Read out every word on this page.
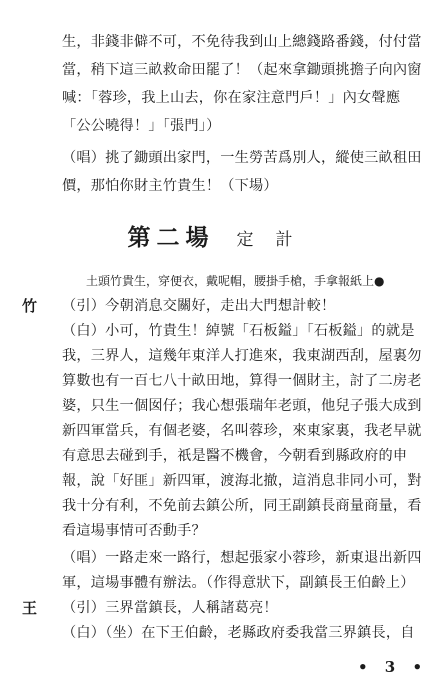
生，非錢非僻不可，不免待我到山上總錢路番錢，付付當
當，稍下這三畝救命田罷了！（起來拿鋤頭挑擔子向內窗
喊：「蓉珍，我上山去，你在家注意門戶！」內女聲應
「公公曉得！」「張門」）
（唱）挑了鋤頭出家門，一生勞苦爲別人，縱使三畝租田
價，那怕你財主竹貴生！（下場）
第二場 定計
土頭竹貴生，穿便衣，戴呢帽，腰掛手槍，手拿報紙上●
竹 （引）今朝消息交關好，走出大門想計較！
（白）小可，竹貴生！綽號「石板鎰」「石板鎰」的就是
我，三界人，這幾年東洋人打進來，我東湖西刮，屋裏勿
算數也有一百七八十畝田地，算得一個財主，討了二房老
婆，只生一個囡仔；我心想張瑞年老頭，他兒子張大成到
新四軍當兵，有個老婆，名叫蓉珍，來東家裏，我老早就
有意思去碰到手，祇是醫不機會，今朝看到縣政府的申
報，說「好匪」新四軍，渡海北撤，這消息非同小可，對
我十分有利，不免前去鎮公所，同王副鎮長商量商量，看
看這場事情可否動手？
（唱）一路走來一路行，想起張家小蓉珍，新東退出新四
軍，這場事體有辦法。（作得意狀下，副鎮長王伯齡上）
王 （引）三界當鎮長，人稱諸葛亮！
（白）（坐）在下王伯齡，老縣政府委我當三界鎮長，自
• 3 •
